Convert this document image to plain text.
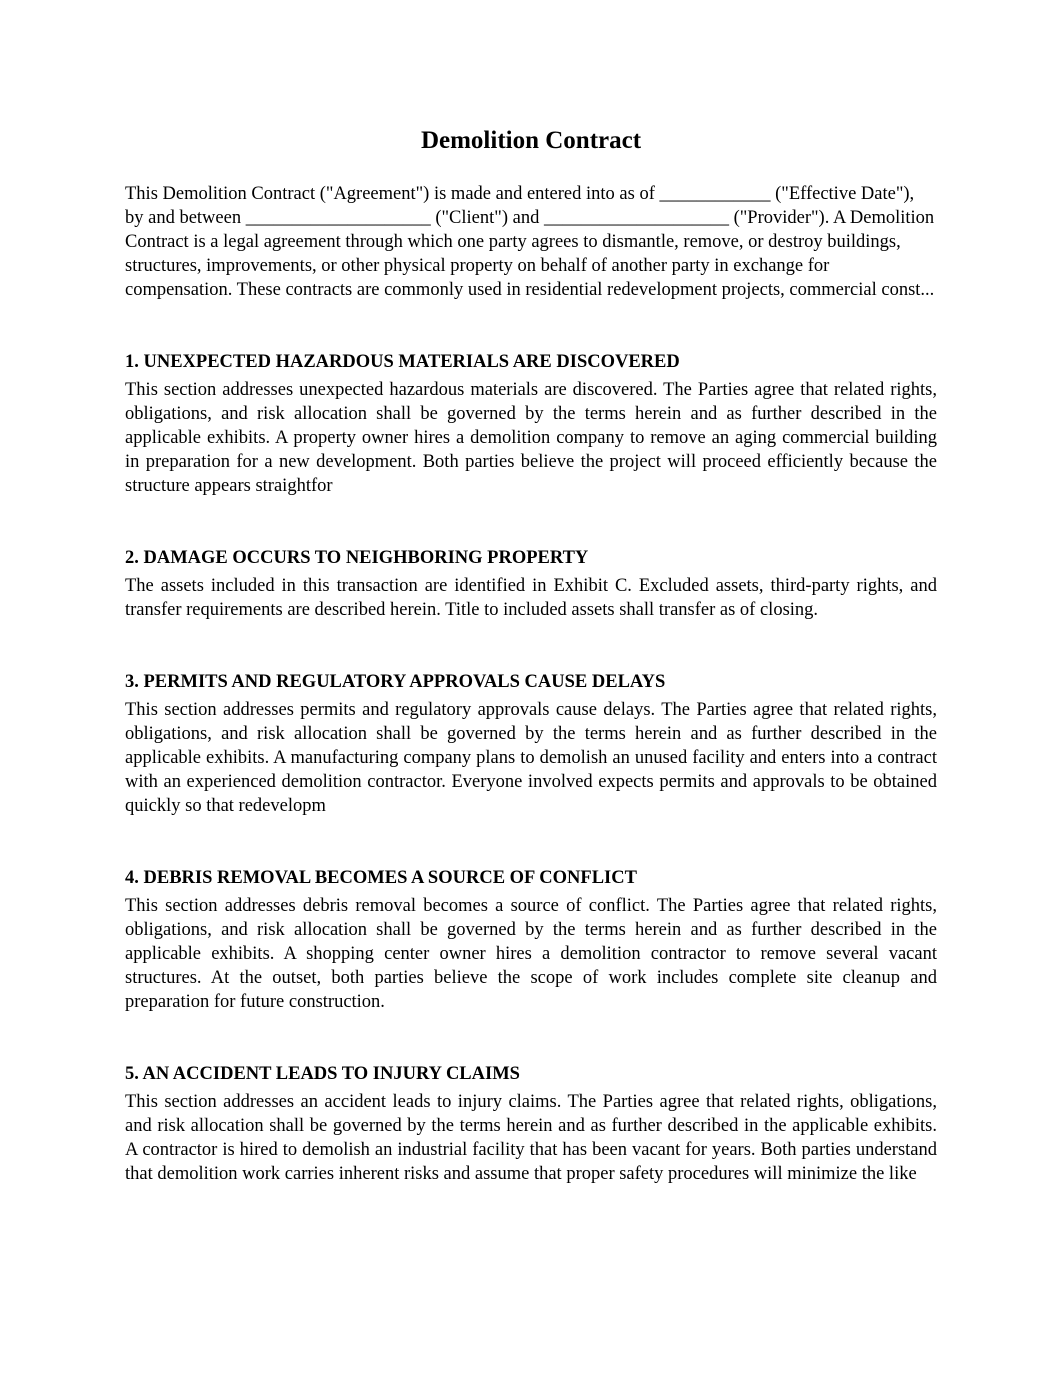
Demolition Contract

This Demolition Contract ("Agreement") is made and entered into as of ____________ ("Effective Date"), by and between ____________________ ("Client") and ____________________ ("Provider"). A Demolition Contract is a legal agreement through which one party agrees to dismantle, remove, or destroy buildings, structures, improvements, or other physical property on behalf of another party in exchange for compensation. These contracts are commonly used in residential redevelopment projects, commercial const...

1. UNEXPECTED HAZARDOUS MATERIALS ARE DISCOVERED

This section addresses unexpected hazardous materials are discovered. The Parties agree that related rights, obligations, and risk allocation shall be governed by the terms herein and as further described in the applicable exhibits. A property owner hires a demolition company to remove an aging commercial building in preparation for a new development. Both parties believe the project will proceed efficiently because the structure appears straightfor

2. DAMAGE OCCURS TO NEIGHBORING PROPERTY

The assets included in this transaction are identified in Exhibit C. Excluded assets, third-party rights, and transfer requirements are described herein. Title to included assets shall transfer as of closing.

3. PERMITS AND REGULATORY APPROVALS CAUSE DELAYS

This section addresses permits and regulatory approvals cause delays. The Parties agree that related rights, obligations, and risk allocation shall be governed by the terms herein and as further described in the applicable exhibits. A manufacturing company plans to demolish an unused facility and enters into a contract with an experienced demolition contractor. Everyone involved expects permits and approvals to be obtained quickly so that redevelopm

4. DEBRIS REMOVAL BECOMES A SOURCE OF CONFLICT

This section addresses debris removal becomes a source of conflict. The Parties agree that related rights, obligations, and risk allocation shall be governed by the terms herein and as further described in the applicable exhibits. A shopping center owner hires a demolition contractor to remove several vacant structures. At the outset, both parties believe the scope of work includes complete site cleanup and preparation for future construction.

5. AN ACCIDENT LEADS TO INJURY CLAIMS

This section addresses an accident leads to injury claims. The Parties agree that related rights, obligations, and risk allocation shall be governed by the terms herein and as further described in the applicable exhibits. A contractor is hired to demolish an industrial facility that has been vacant for years. Both parties understand that demolition work carries inherent risks and assume that proper safety procedures will minimize the like
